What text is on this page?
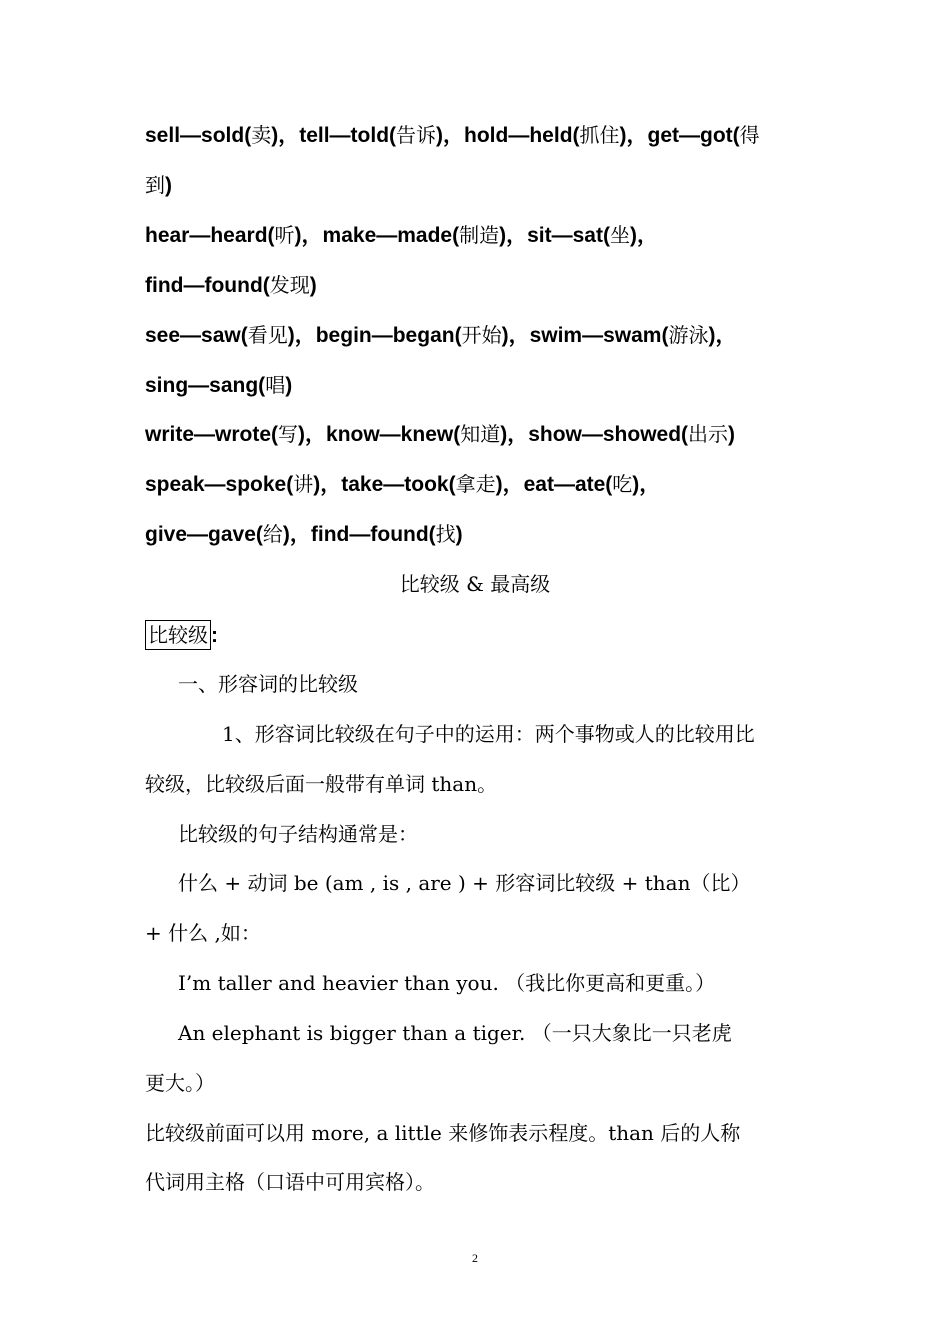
sell—sold(卖)，tell—told(告诉)，hold—held(抓住)，get—got(得
到)
hear—heard(听)，make—made(制造)，sit—sat(坐)，
find—found(发现)
see—saw(看见)，begin—began(开始)，swim—swam(游泳)，
sing—sang(唱)
write—wrote(写)，know—knew(知道)，show—showed(出示)
speak—spoke(讲)，take—took(拿走)，eat—ate(吃)，
give—gave(给)，find—found(找)
比较级 & 最高级
比较级 :
一、形容词的比较级
1、形容词比较级在句子中的运用：两个事物或人的比较用比
较级，比较级后面一般带有单词 than。
比较级的句子结构通常是：
什么 + 动词 be (am , is , are ) + 形容词比较级 + than（比）
+ 什么 ,如：
I’m taller and heavier than you. （我比你更高和更重。）
An elephant is bigger than a tiger. （一只大象比一只老虎
更大。）
比较级前面可以用 more, a little 来修饰表示程度。than 后的人称
代词用主格（口语中可用宾格）。
2
